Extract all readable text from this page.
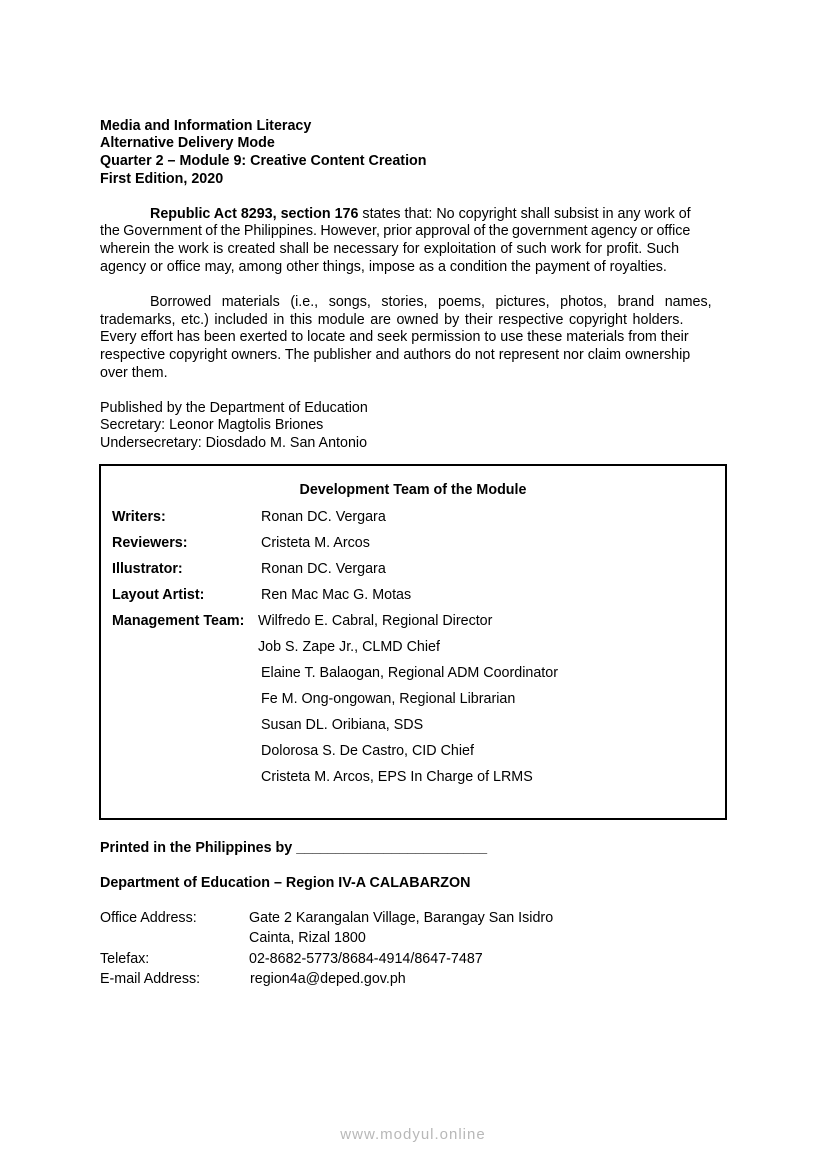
Media and Information Literacy
Alternative Delivery Mode
Quarter 2 – Module 9: Creative Content Creation
First Edition, 2020
Republic Act 8293, section 176 states that: No copyright shall subsist in any work of
the Government of the Philippines. However, prior approval of the government agency or office
wherein the work is created shall be necessary for exploitation of such work for profit. Such
agency or office may, among other things, impose as a condition the payment of royalties.
Borrowed materials (i.e., songs, stories, poems, pictures, photos, brand names,
trademarks, etc.) included in this module are owned by their respective copyright holders.
Every effort has been exerted to locate and seek permission to use these materials from their
respective copyright owners. The publisher and authors do not represent nor claim ownership
over them.
Published by the Department of Education
Secretary: Leonor Magtolis Briones
Undersecretary: Diosdado M. San Antonio
Development Team of the Module
Writers:	Ronan DC. Vergara
Reviewers:	Cristeta M. Arcos
Illustrator:	Ronan DC. Vergara
Layout Artist:	Ren Mac Mac G. Motas
Management Team: Wilfredo E. Cabral, Regional Director
Job S. Zape Jr., CLMD Chief
Elaine T. Balaogan, Regional ADM Coordinator
Fe M. Ong-ongowan, Regional Librarian
Susan DL. Oribiana, SDS
Dolorosa S. De Castro, CID Chief
Cristeta M. Arcos, EPS In Charge of LRMS
Printed in the Philippines by ________________________
Department of Education – Region IV-A CALABARZON
Office Address:	Gate 2 Karangalan Village, Barangay San Isidro
Cainta, Rizal 1800
Telefax:	02-8682-5773/8684-4914/8647-7487
E-mail Address:	region4a@deped.gov.ph
www.modyul.online
